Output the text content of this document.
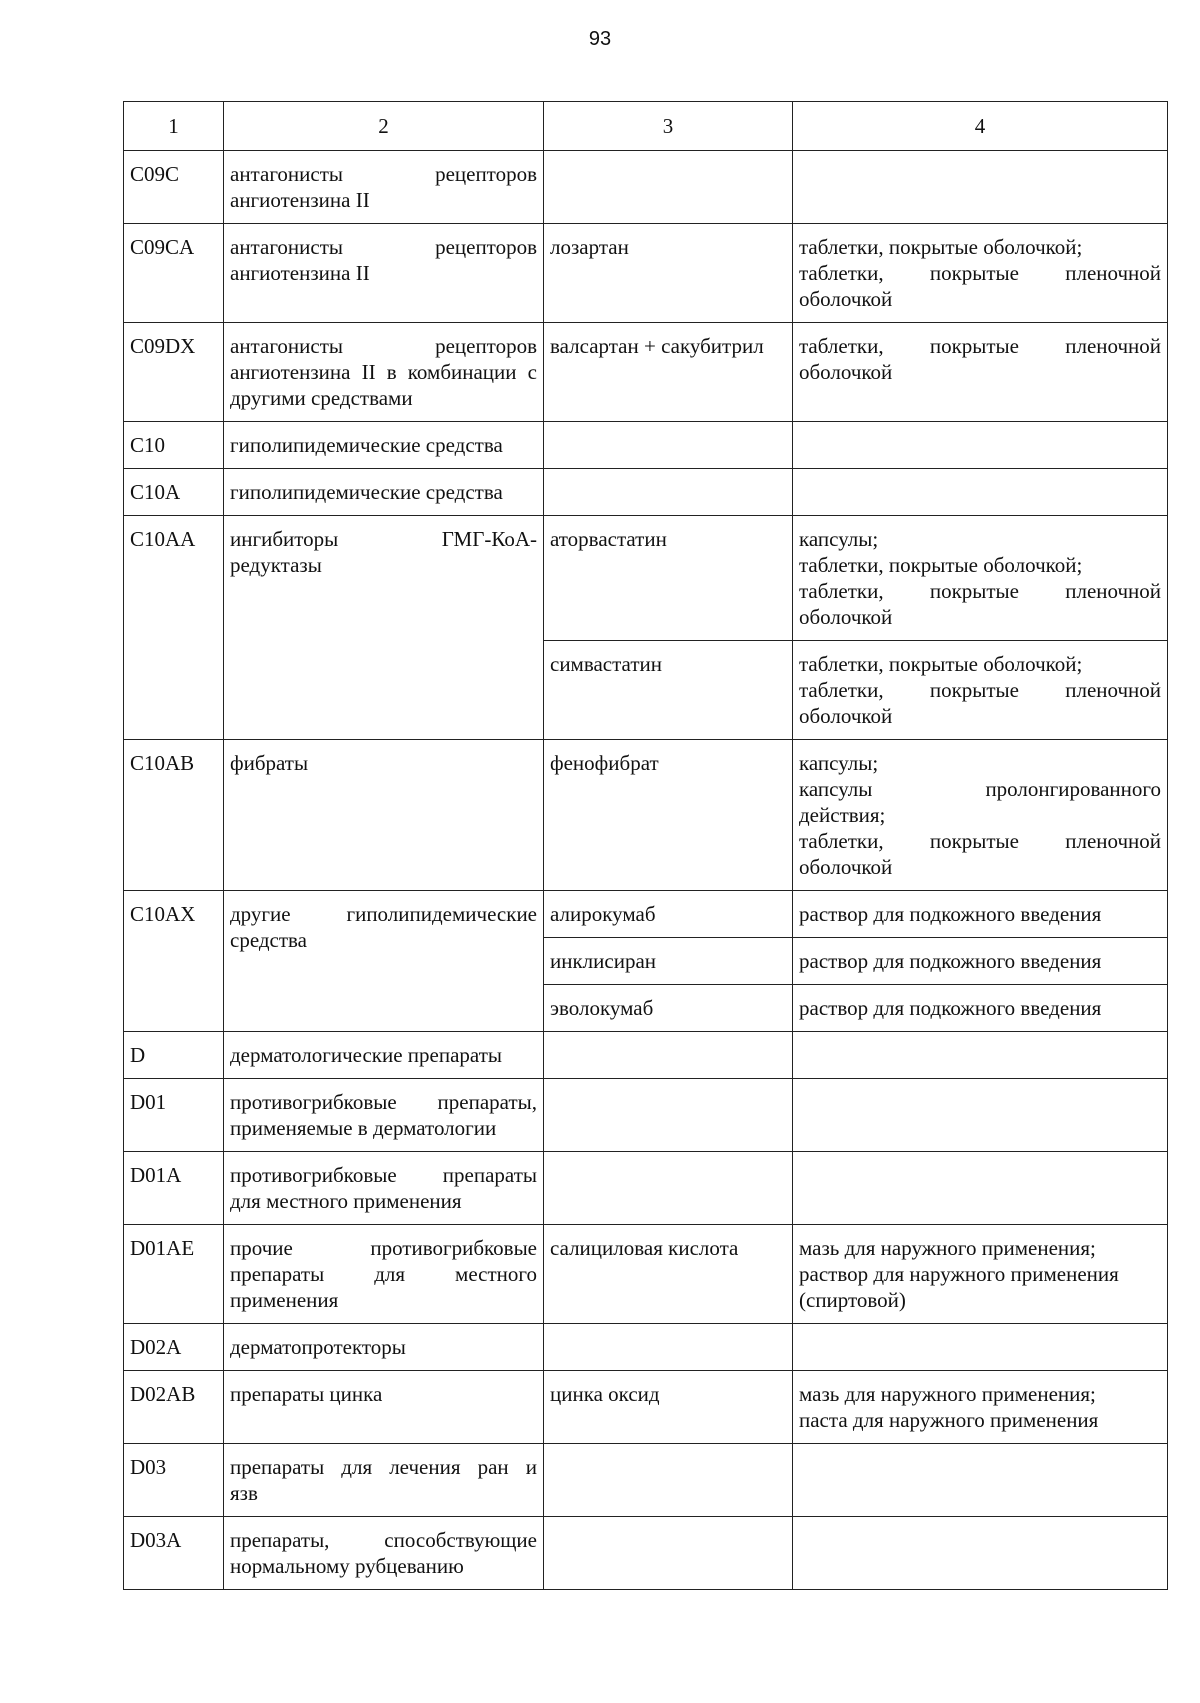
93
1	2	3	4
C09C	антагонисты рецепторов
ангиотензина II		

C09CA	антагонисты рецепторов
ангиотензина II	лозартан	таблетки, покрытые оболочкой;
таблетки, покрытые пленочной
оболочкой

C09DX	антагонисты рецепторов
ангиотензина II в комбинации с
другими средствами	валсартан + сакубитрил	таблетки, покрытые пленочной
оболочкой

C10	гиполипидемические средства		

C10A	гиполипидемические средства		

C10AA	ингибиторы ГМГ-КоА-
редуктазы	аторвастатин	капсулы;
таблетки, покрытые оболочкой;
таблетки, покрытые пленочной
оболочкой

		симвастатин	таблетки, покрытые оболочкой;
таблетки, покрытые пленочной
оболочкой

C10AB	фибраты	фенофибрат	капсулы;
капсулы пролонгированного
действия;
таблетки, покрытые пленочной
оболочкой

C10AX	другие гиполипидемические
средства	алирокумаб	раствор для подкожного введения

		инклисиран	раствор для подкожного введения

		эволокумаб	раствор для подкожного введения

D	дерматологические препараты		

D01	противогрибковые препараты,
применяемые в дерматологии		

D01A	противогрибковые препараты
для местного применения		

D01AE	прочие противогрибковые
препараты для местного
применения	салициловая кислота	мазь для наружного применения;
раствор для наружного применения
(спиртовой)

D02A	дерматопротекторы		

D02AB	препараты цинка	цинка оксид	мазь для наружного применения;
паста для наружного применения

D03	препараты для лечения ран и
язв		

D03A	препараты, способствующие
нормальному рубцеванию		
